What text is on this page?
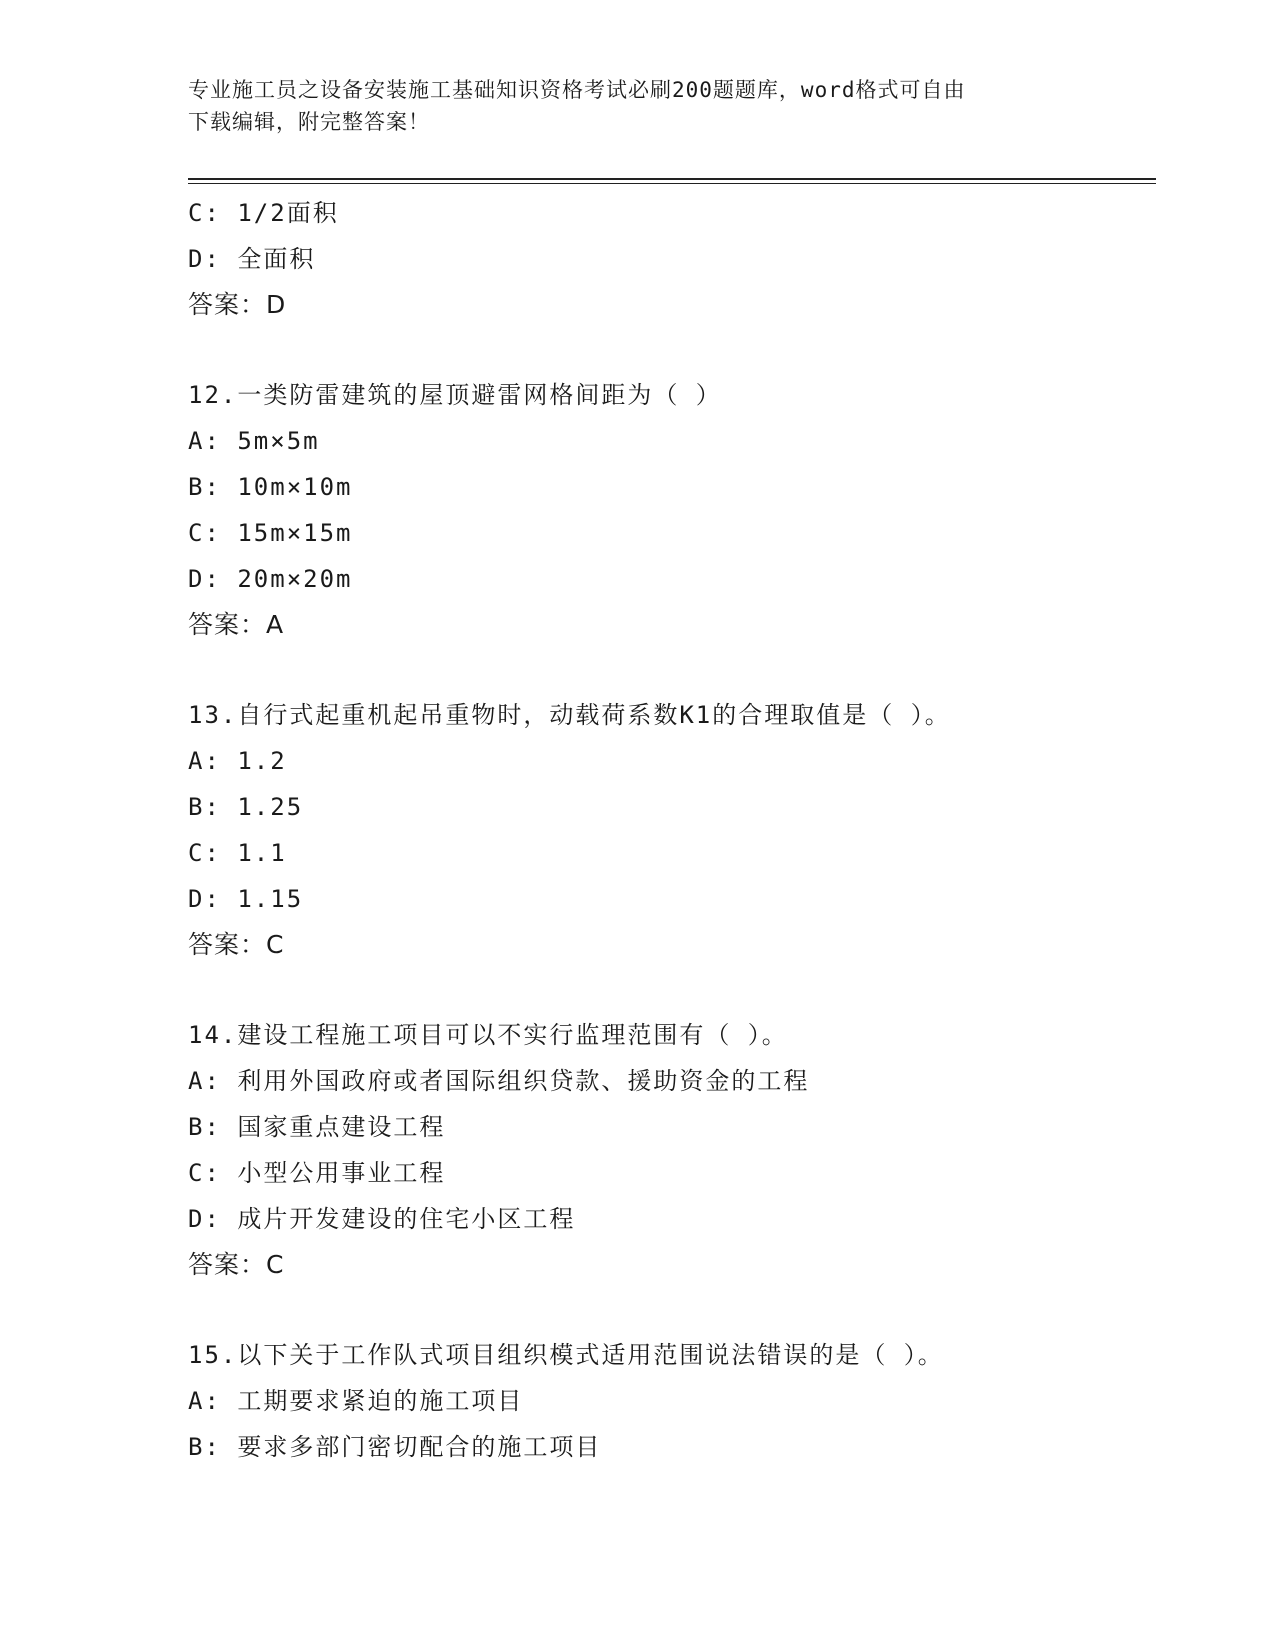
专业施工员之设备安装施工基础知识资格考试必刷200题题库，word格式可自由
下载编辑，附完整答案！
C: 1/2面积
D: 全面积
答案：D
12.一类防雷建筑的屋顶避雷网格间距为（ ）
A: 5m×5m
B: 10m×10m
C: 15m×15m
D: 20m×20m
答案：A
13.自行式起重机起吊重物时，动载荷系数K1的合理取值是（ ）。
A: 1.2
B: 1.25
C: 1.1
D: 1.15
答案：C
14.建设工程施工项目可以不实行监理范围有（ ）。
A: 利用外国政府或者国际组织贷款、援助资金的工程
B: 国家重点建设工程
C: 小型公用事业工程
D: 成片开发建设的住宅小区工程
答案：C
15.以下关于工作队式项目组织模式适用范围说法错误的是（ ）。
A: 工期要求紧迫的施工项目
B: 要求多部门密切配合的施工项目
